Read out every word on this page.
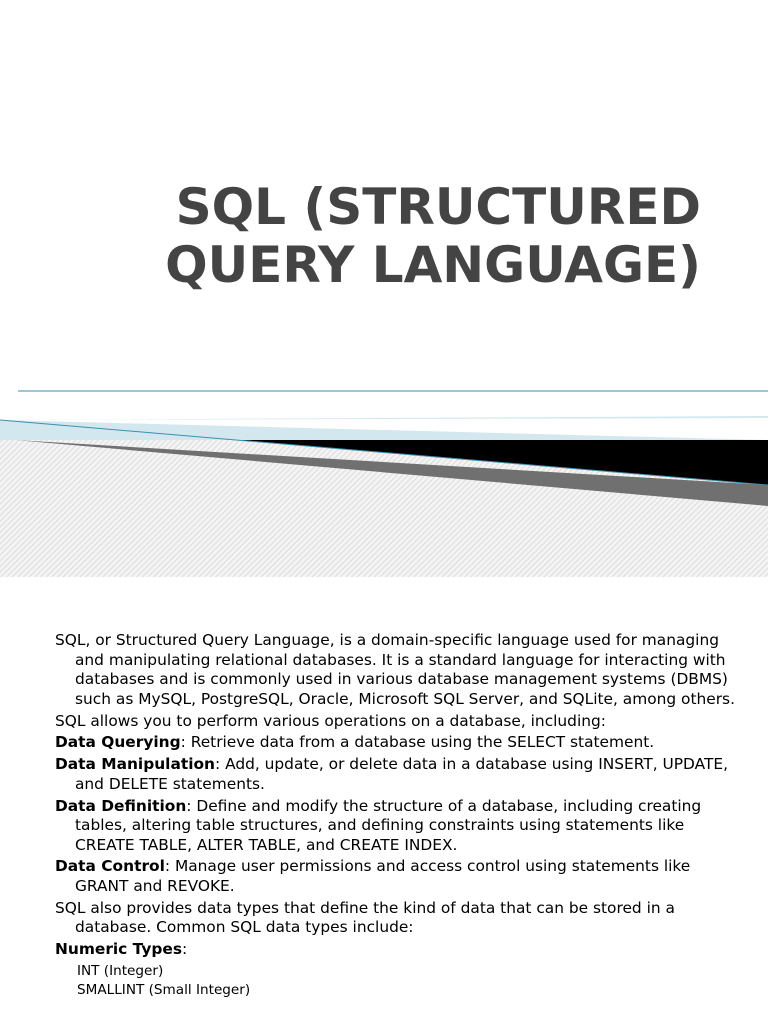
SQL (STRUCTURED
QUERY LANGUAGE)

SQL, or Structured Query Language, is a domain-specific language used for managing and manipulating relational databases. It is a standard language for interacting with databases and is commonly used in various database management systems (DBMS) such as MySQL, PostgreSQL, Oracle, Microsoft SQL Server, and SQLite, among others.

SQL allows you to perform various operations on a database, including:

Data Querying: Retrieve data from a database using the SELECT statement.

Data Manipulation: Add, update, or delete data in a database using INSERT, UPDATE, and DELETE statements.

Data Definition: Define and modify the structure of a database, including creating tables, altering table structures, and defining constraints using statements like CREATE TABLE, ALTER TABLE, and CREATE INDEX.

Data Control: Manage user permissions and access control using statements like GRANT and REVOKE.

SQL also provides data types that define the kind of data that can be stored in a database. Common SQL data types include:

Numeric Types:

INT (Integer)

SMALLINT (Small Integer)
